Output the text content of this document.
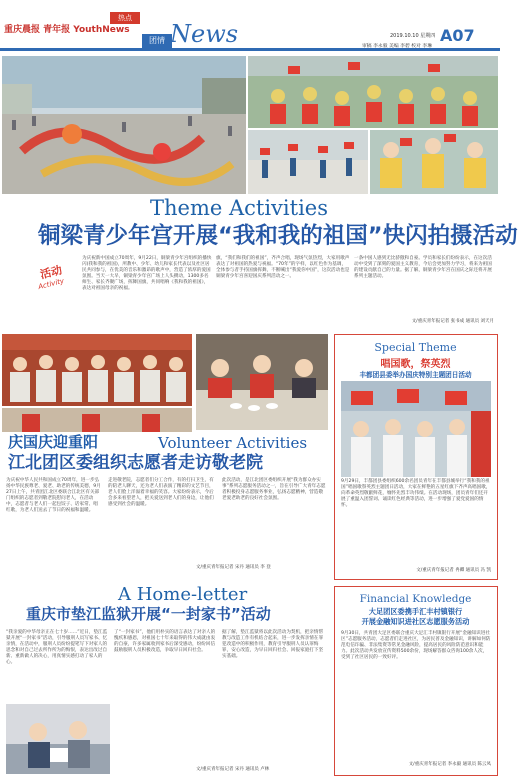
重庆晨报 青年报 YouthNews
热点
团情 News	2019.10.10 星期四
审稿 李永毅 美编 李碧 校对 李琳
A07
Theme Activities
铜梁青少年宫开展“我和我的祖国”快闪拍摄活动
活动
Activity
为庆祝新中国成立70周年，9月22日，铜梁青少年宫组织的播快闪(我和我的祖国)，所教中、少年、幼儿和家长代表以及社区居民共同参与，在优美的音乐和激昂的歌声中，营造了浓厚的爱国氛围。当天一大早，铜梁青少年宫广场上人头攒动，1300多名师生、家长齐聚广场，挥舞国旗，共同唱响《我和我的祖国》，表达对祖国母亲的祝福。
旗，“我们和我们的祖国”，齐声合唱，现场气氛热烈，大家用歌声表达了对祖国的热爱与祝福。“70年”的字样，以红色作为基调，全体参与者手持国旗挥舞，不断喊出“我爱你中国”，这次活动也是铜梁青少年宫喜迎国庆系列活动之一。
一条中国人感到无比骄傲和自豪。学员和家长们纷纷表示，在这次活动中受到了深刻的爱国主义教育，今后会更加努力学习，将来为祖国的建设贡献自己的力量。据了解，铜梁青少年宫在国庆之际还将开展系列主题活动。
文/重庆青年报记者 张书成 通讯员 刘天月
庆国庆迎重阳	Volunteer Activities
江北团区委组织志愿者走访敬老院
为庆祝中华人民共和国成立70周年，进一步弘扬中华民族尊老、爱老、助老的传统美德，9月27日上午，共青团江北区委联合江北区有关部门组织的志愿者到敬老院慰问老人，在活动中，志愿者与老人们一起包饺子、话家常、唱红歌，为老人们送去了节日的祝福和温暖。
走进敬老院，志愿者们分工合作，有的打扫卫生，有的陪老人聊天，还为老人们表演了精彩的文艺节目，老人们脸上洋溢着幸福的笑容。大家纷纷表示，今后会多来看望老人，把关爱送到老人们的身边，让他们感受到社会的温暖。
此次活动，是江北团区委组织开展“我为群众办实事”系列志愿服务活动之一，旨在引导广大青年志愿者积极投身志愿服务事业，弘扬志愿精神，营造敬老爱老助老的良好社会氛围。
文/重庆青年报记者 宋丹 通讯员 李 登
A Home-letter
重庆市垫江监狱开展“一封家书”活动
“我亲爱的中华母亲正在七十岁……”近日，垫江监狱开展“一封家书”活动，引导服刑人员写家书、忆亲情，在活动中，服刑人员纷纷提笔写下对家人的思念和对自己过去所作所为的悔恨，表达出改过自新、重新做人的决心，用真情实感打动了家人的心。
了“一封家书”，他们用朴实的语言表达了对亲人的愧疚和感恩，对祖国七十年来取得的伟大成就由衷的自豪，许多家属收到家书后深受感动，纷纷回信鼓励服刑人员积极改造，争取早日回归社会。
据了解，垫江监狱将以此次活动为契机，把亲情帮教与改造工作有机结合起来，进一步发挥亲情在罪犯改造中的积极作用，教育引导服刑人员认罪悔罪，安心改造，为早日回归社会、回报家庭打下坚实基础。
文/重庆青年报记者 宋丹 通讯员 卢林
Special Theme
唱国歌，祭英烈
丰都团县委举办国庆特别主题团日活动
9月29日，丰都团县委组织600余名团员青年在丰都县城举行“我和我的祖国”唱国歌祭英烈主题团日活动，大家在鲜艳的五星红旗下齐声高唱国歌，向革命英烈敬献鲜花，缅怀先烈丰功伟绩。在活动现场，团员青年们还开展了重温入团誓词、诵读红色经典等活动，进一步增强了爱党爱国的情怀。
文/重庆青年报记者 冉卿 通讯员 冯 凯
Financial Knowledge
大足团区委携手汇丰村镇银行
开展金融知识进社区志愿服务活动
9月30日，共青团大足区委联合重庆大足汇丰村镇银行开展“金融知识进社区”志愿服务活动，志愿者们走进社区，为居民普及金融知识，讲解如何防范电信诈骗、非法集资等常见金融风险，提高居民的风险防范意识和能力。此次活动共发放宣传资料500余份，现场解答群众咨询100余人次，受到了社区居民的一致好评。
文/重庆青年报记者 李永毅 通讯员 陈云凤
